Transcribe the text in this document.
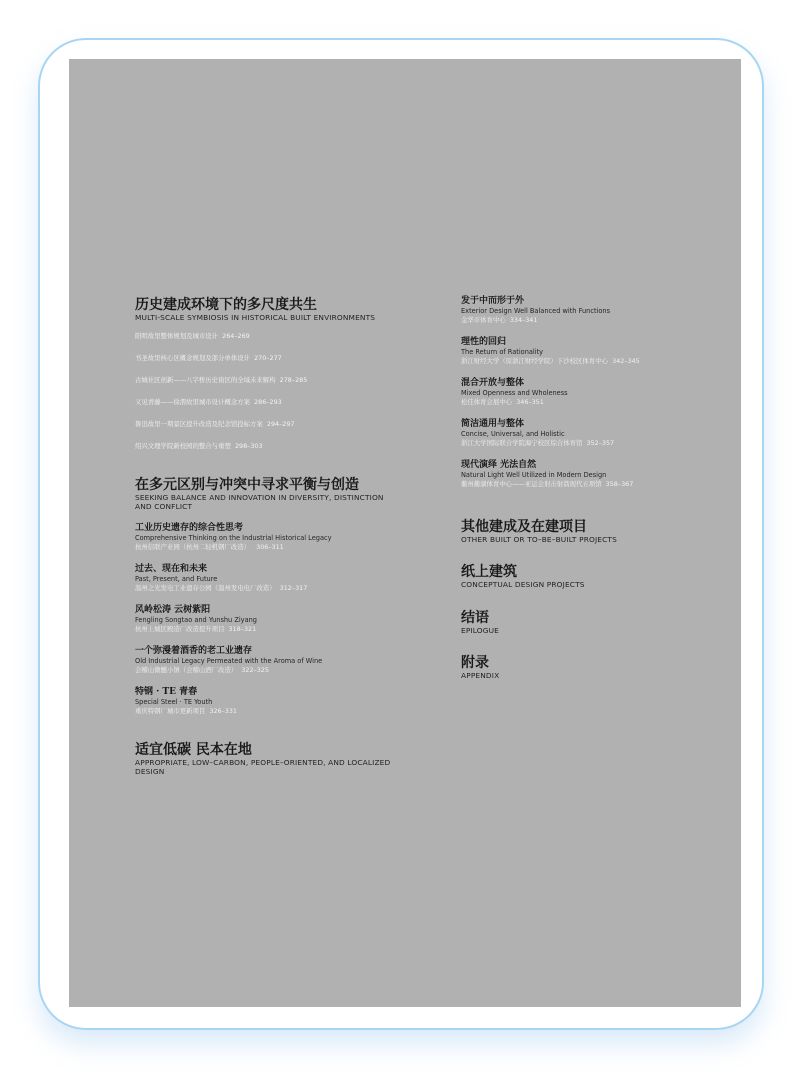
历史建成环境下的多尺度共生

MULTI-SCALE SYMBIOSIS IN HISTORICAL BUILT ENVIRONMENTS

阳明故里整体规划及城市设计 264–269

书圣故里核心区概念规划及部分单体设计 270–277

古城社区创新——八字桥历史街区的全域未来解构 278–285

又见青藤——徐渭故里城市设计概念方案 286–293

鲁迅故里一期景区提升改造及纪念馆投标方案 294–297

绍兴文理学院新校园的整合与重塑 298–303

在多元区别与冲突中寻求平衡与创造

SEEKING BALANCE AND INNOVATION IN DIVERSITY, DISTINCTION

AND CONFLICT

工业历史遗存的综合性思考

Comprehensive Thinking on the Industrial Historical Legacy

杭州信联产业园（杭州二轻机钢厂改造） 306–311

过去、现在和未来

Past, Present, and Future

温州之光发电工业遗存公园（温州发电电厂改造） 312–317

风岭松涛 云树紫阳

Fengling Songtao and Yunshu Ziyang

杭州上城区殿造厂改造提升项目 318–321

一个弥漫着酒香的老工业遗存

Old Industrial Legacy Permeated with the Aroma of Wine

会稽山微醺小镇（会稽山酒厂改造） 322–325

特钢 · TE 青春

Special Steel · TE Youth

重庆特钢厂城市更新项目 326–331

适宜低碳 民本在地

APPROPRIATE, LOW–CARBON, PEOPLE–ORIENTED, AND LOCALIZED

DESIGN

发于中而形于外

Exterior Design Well Balanced with Functions

金华市体育中心 334–341

理性的回归

The Return of Rationality

浙江财经大学（原浙江财经学院）下沙校区体育中心 342–345

混合开放与整体

Mixed Openness and Wholeness

松佳体育会展中心 346–351

简洁通用与整体

Concise, Universal, and Holistic

浙江大学国际联合学院海宁校区综合体育馆 352–357

现代演绎 光法自然

Natural Light Well Utilized in Modern Design

衢州衢湖体育中心——亚运会射击射箭现代五项馆 358–367

其他建成及在建项目

OTHER BUILT OR TO–BE–BUILT PROJECTS

纸上建筑

CONCEPTUAL DESIGN PROJECTS

结语

EPILOGUE

附录

APPENDIX
